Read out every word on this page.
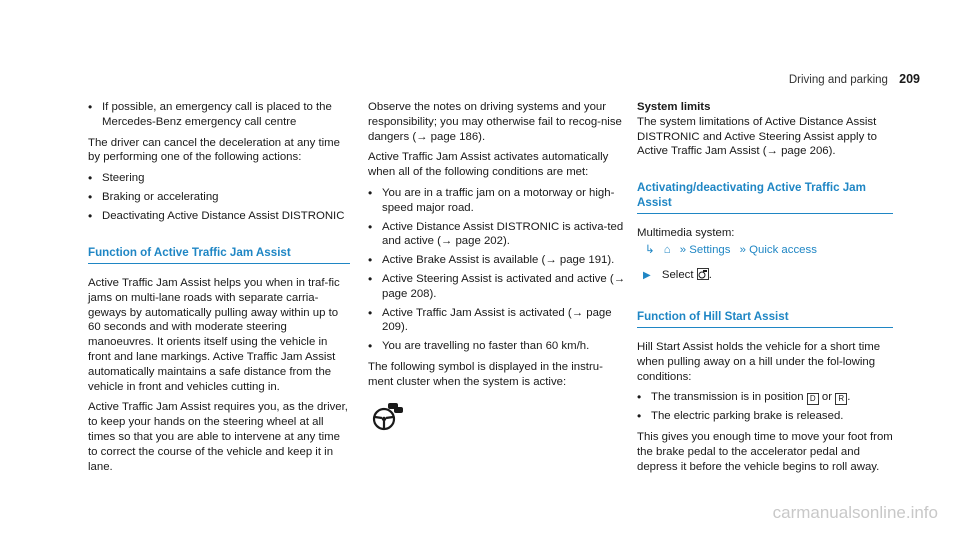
Driving and parking 209
• If possible, an emergency call is placed to the Mercedes-Benz emergency call centre

The driver can cancel the deceleration at any time by performing one of the following actions:

• Steering
• Braking or accelerating
• Deactivating Active Distance Assist DISTRONIC
Function of Active Traffic Jam Assist

Active Traffic Jam Assist helps you when in traf-fic jams on multi-lane roads with separate carria-geways by automatically pulling away within up to 60 seconds and with moderate steering manoeuvres. It orients itself using the vehicle in front and lane markings. Active Traffic Jam Assist automatically maintains a safe distance from the vehicle in front and vehicles cutting in.

Active Traffic Jam Assist requires you, as the driver, to keep your hands on the steering wheel at all times so that you are able to intervene at any time to correct the course of the vehicle and keep it in lane.

Observe the notes on driving systems and your responsibility; you may otherwise fail to recog-nise dangers (→ page 186).

Active Traffic Jam Assist activates automatically when all of the following conditions are met:

• You are in a traffic jam on a motorway or high-speed major road.
• Active Distance Assist DISTRONIC is activa-ted and active (→ page 202).
• Active Brake Assist is available (→ page 191).
• Active Steering Assist is activated and active (→ page 208).
• Active Traffic Jam Assist is activated (→ page 209).
• You are travelling no faster than 60 km/h.

The following symbol is displayed in the instru-ment cluster when the system is active:

System limits

The system limitations of Active Distance Assist DISTRONIC and Active Steering Assist apply to Active Traffic Jam Assist (→ page 206).

Activating/deactivating Active Traffic Jam Assist

Multimedia system:

↳ ⌂ » Settings » Quick access
▶ Select .
Function of Hill Start Assist

Hill Start Assist holds the vehicle for a short time when pulling away on a hill under the fol-lowing conditions:

• The transmission is in position D or R .
• The electric parking brake is released.

This gives you enough time to move your foot from the brake pedal to the accelerator pedal and depress it before the vehicle begins to roll away.

carmanualsonline.info
